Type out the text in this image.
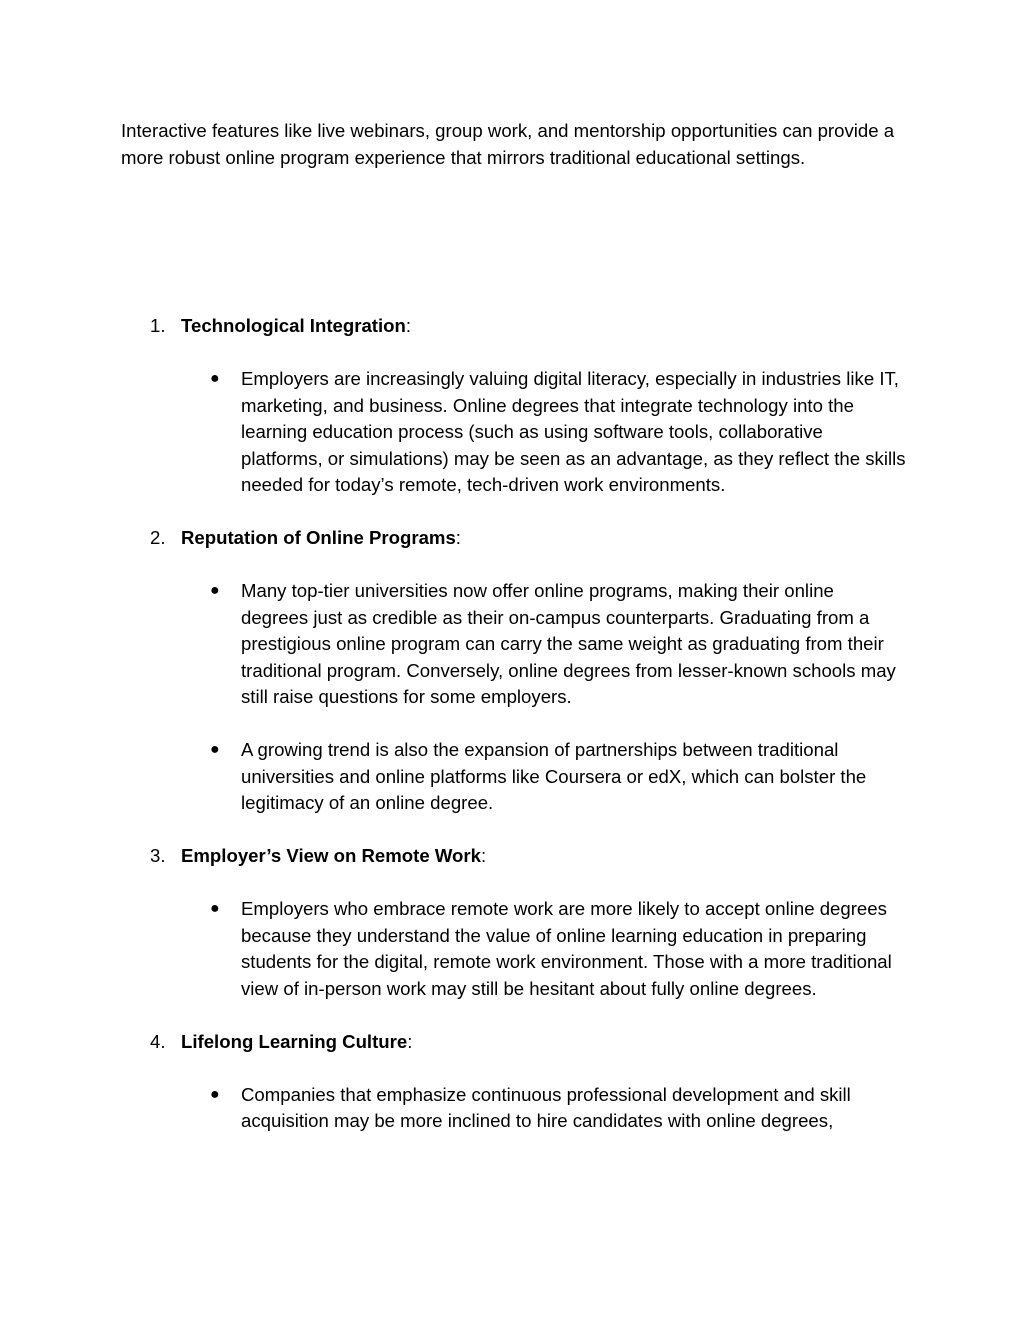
Interactive features like live webinars, group work, and mentorship opportunities can provide a more robust online program experience that mirrors traditional educational settings.

1. Technological Integration:
● Employers are increasingly valuing digital literacy, especially in industries like IT, marketing, and business. Online degrees that integrate technology into the learning education process (such as using software tools, collaborative platforms, or simulations) may be seen as an advantage, as they reflect the skills needed for today’s remote, tech-driven work environments.
2. Reputation of Online Programs:
● Many top-tier universities now offer online programs, making their online degrees just as credible as their on-campus counterparts. Graduating from a prestigious online program can carry the same weight as graduating from their traditional program. Conversely, online degrees from lesser-known schools may still raise questions for some employers.
● A growing trend is also the expansion of partnerships between traditional universities and online platforms like Coursera or edX, which can bolster the legitimacy of an online degree.
3. Employer’s View on Remote Work:
● Employers who embrace remote work are more likely to accept online degrees because they understand the value of online learning education in preparing students for the digital, remote work environment. Those with a more traditional view of in-person work may still be hesitant about fully online degrees.
4. Lifelong Learning Culture:
● Companies that emphasize continuous professional development and skill acquisition may be more inclined to hire candidates with online degrees,
